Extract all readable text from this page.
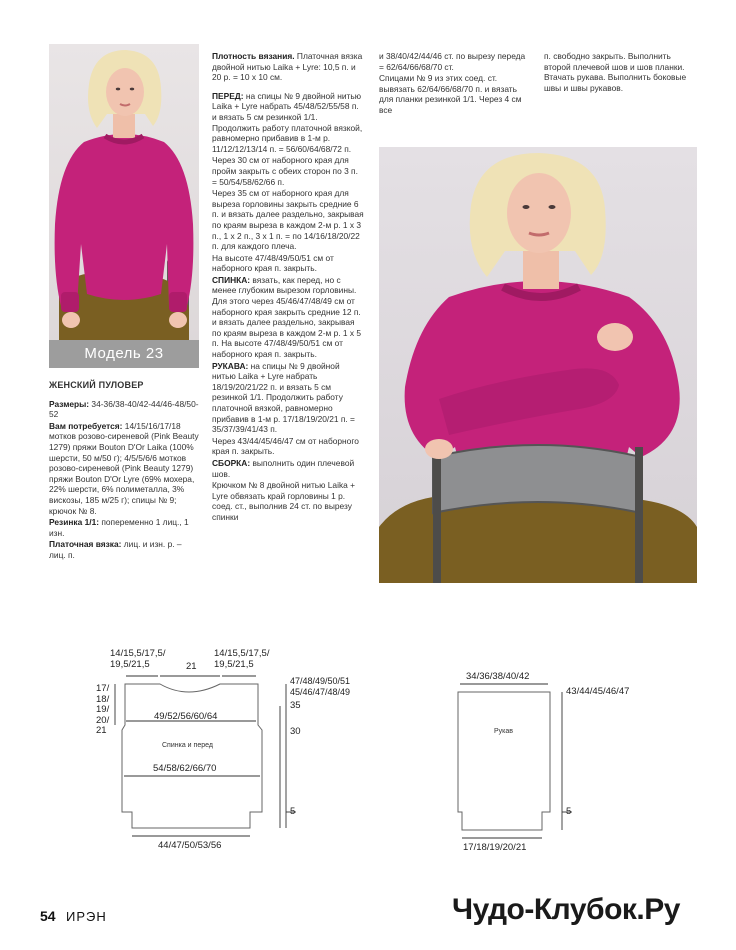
Модель 23

ЖЕНСКИЙ ПУЛОВЕР

Размеры: 34-36/38-40/42-44/46-48/50-52

Вам потребуется: 14/15/16/17/18 мотков розово-сиреневой (Pink Beauty 1279) пряжи Bouton D'Or Laika (100% шерсти, 50 м/50 г); 4/5/5/6/6 мотков розово-сиреневой (Pink Beauty 1279) пряжи Bouton D'Or Lyre (69% мохера, 22% шерсти, 6% полиметаллa, 3% вискозы, 185 м/25 г); спицы № 9; крючок № 8.

Резинка 1/1: попеременно 1 лиц., 1 изн.

Платочная вязка: лиц. и изн. р. – лиц. п.

Плотность вязания. Платочная вязка двойной нитью Laika + Lyre: 10,5 п. и 20 р. = 10 x 10 см.

ПЕРЕД: на спицы № 9 двойной нитью Laika + Lyre набрать 45/48/52/55/58 п. и вязать 5 см резинкой 1/1. Продолжить работу платочной вязкой, равномерно прибавив в 1-м р. 11/12/12/13/14 п. = 56/60/64/68/72 п.

Через 30 см от наборного края для пройм закрыть с обеих сторон по 3 п. = 50/54/58/62/66 п.

Через 35 см от наборного края для выреза горловины закрыть средние 6 п. и вязать далее раздельно, закрывая по краям выреза в каждом 2-м р. 1 x 3 п., 1 x 2 п., 3 x 1 п. = по 14/16/18/20/22 п. для каждого плеча.

На высоте 47/48/49/50/51 см от наборного края п. закрыть.

СПИНКА: вязать, как перед, но с менее глубоким вырезом горловины. Для этого через 45/46/47/48/49 см от наборного края закрыть средние 12 п. и вязать далее раздельно, закрывая по краям выреза в каждом 2-м р. 1 x 5 п. На высоте 47/48/49/50/51 см от наборного края п. закрыть.

РУКАВА: на спицы № 9 двойной нитью Laika + Lyre набрать 18/19/20/21/22 п. и вязать 5 см резинкой 1/1. Продолжить работу платочной вязкой, равномерно прибавив в 1-м р. 17/18/19/20/21 п. = 35/37/39/41/43 п.

Через 43/44/45/46/47 см от наборного края п. закрыть.

СБОРКА: выполнить один плечевой шов.

Крючком № 8 двойной нитью Laika + Lyre обвязать край горловины 1 р. соед. ст., выполнив 24 ст. по вырезу спинки

и 38/40/42/44/46 ст. по вырезу переда = 62/64/66/68/70 ст.

Спицами № 9 из этих соед. ст. вывязать 62/64/66/68/70 п. и вязать для планки резинкой 1/1. Через 4 см все

п. свободно закрыть. Выполнить второй плечевой шов и шов планки. Втачать рукава. Выполнить боковые швы и швы рукавов.

14/15,5/17,5/
19,5/21,5	21
14/15,5/17,5/
19,5/21,5
17/
18/
19/
20/
21
47/48/49/50/51
45/46/47/48/49
35
30
5
49/52/56/60/64
Спинка и перед
54/58/62/66/70
44/47/50/53/56
34/36/38/40/42
43/44/45/46/47
Рукав
5
17/18/19/20/21
54 ИРЭН	Чудо-Клубок.Ру
